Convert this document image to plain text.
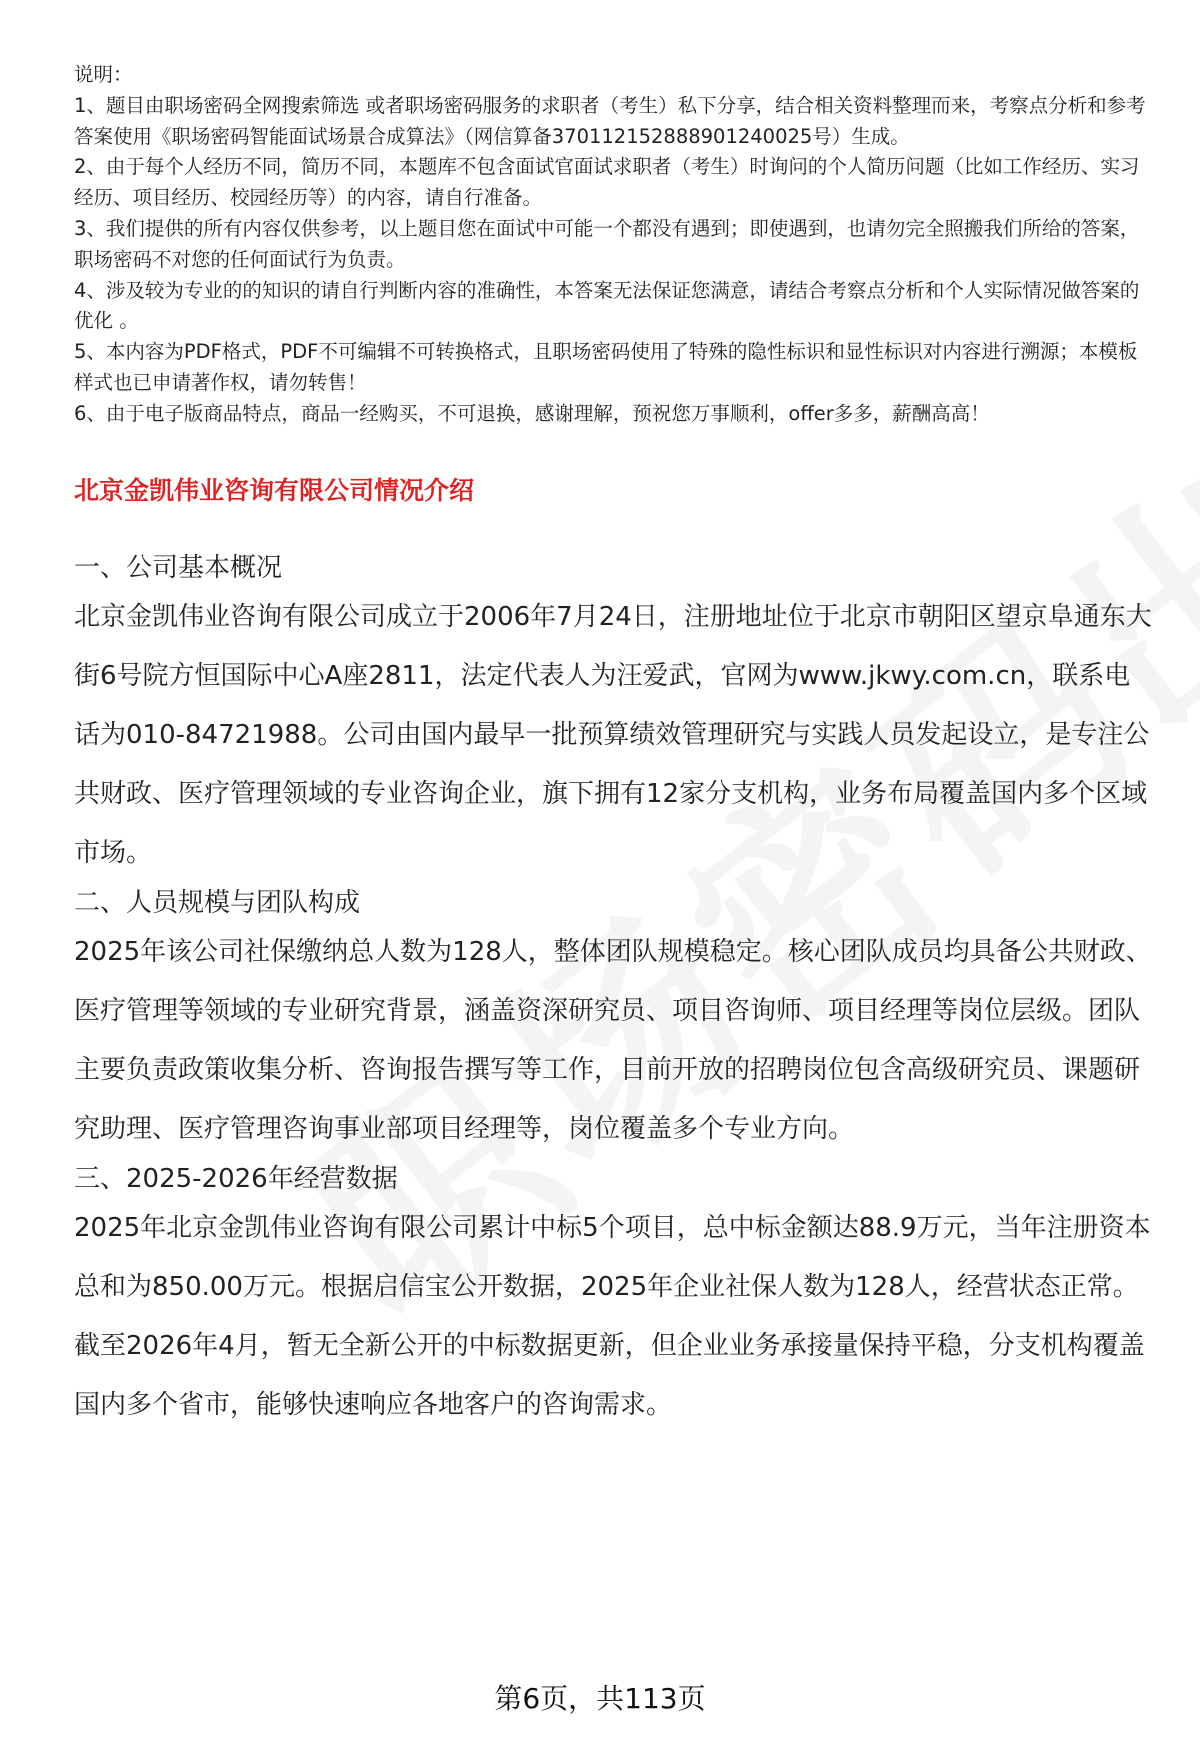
说明：

1、题目由职场密码全网搜索筛选 或者职场密码服务的求职者（考生）私下分享，结合相关资料整理而来，考察点分析和参考答案使用《职场密码智能面试场景合成算法》（网信算备370112152888901240025号）生成。

2、由于每个人经历不同，简历不同，本题库不包含面试官面试求职者（考生）时询问的个人简历问题（比如工作经历、实习经历、项目经历、校园经历等）的内容，请自行准备。

3、我们提供的所有内容仅供参考，以上题目您在面试中可能一个都没有遇到；即使遇到，也请勿完全照搬我们所给的答案，职场密码不对您的任何面试行为负责。

4、涉及较为专业的的知识的请自行判断内容的准确性，本答案无法保证您满意，请结合考察点分析和个人实际情况做答案的优化 。

5、本内容为PDF格式，PDF不可编辑不可转换格式，且职场密码使用了特殊的隐性标识和显性标识对内容进行溯源；本模板样式也已申请著作权，请勿转售！

6、由于电子版商品特点，商品一经购买，不可退换，感谢理解，预祝您万事顺利，offer多多，薪酬高高！

北京金凯伟业咨询有限公司情况介绍
一、公司基本概况

北京金凯伟业咨询有限公司成立于2006年7月24日，注册地址位于北京市朝阳区望京阜通东大街6号院方恒国际中心A座2811，法定代表人为汪爱武，官网为www.jkwy.com.cn，联系电话为010-84721988。公司由国内最早一批预算绩效管理研究与实践人员发起设立，是专注公共财政、医疗管理领域的专业咨询企业，旗下拥有12家分支机构，业务布局覆盖国内多个区域市场。

二、人员规模与团队构成

2025年该公司社保缴纳总人数为128人，整体团队规模稳定。核心团队成员均具备公共财政、医疗管理等领域的专业研究背景，涵盖资深研究员、项目咨询师、项目经理等岗位层级。团队主要负责政策收集分析、咨询报告撰写等工作，目前开放的招聘岗位包含高级研究员、课题研究助理、医疗管理咨询事业部项目经理等，岗位覆盖多个专业方向。

三、2025-2026年经营数据

2025年北京金凯伟业咨询有限公司累计中标5个项目，总中标金额达88.9万元，当年注册资本总和为850.00万元。根据启信宝公开数据，2025年企业社保人数为128人，经营状态正常。截至2026年4月，暂无全新公开的中标数据更新，但企业业务承接量保持平稳，分支机构覆盖国内多个省市，能够快速响应各地客户的咨询需求。

第6页，共113页
